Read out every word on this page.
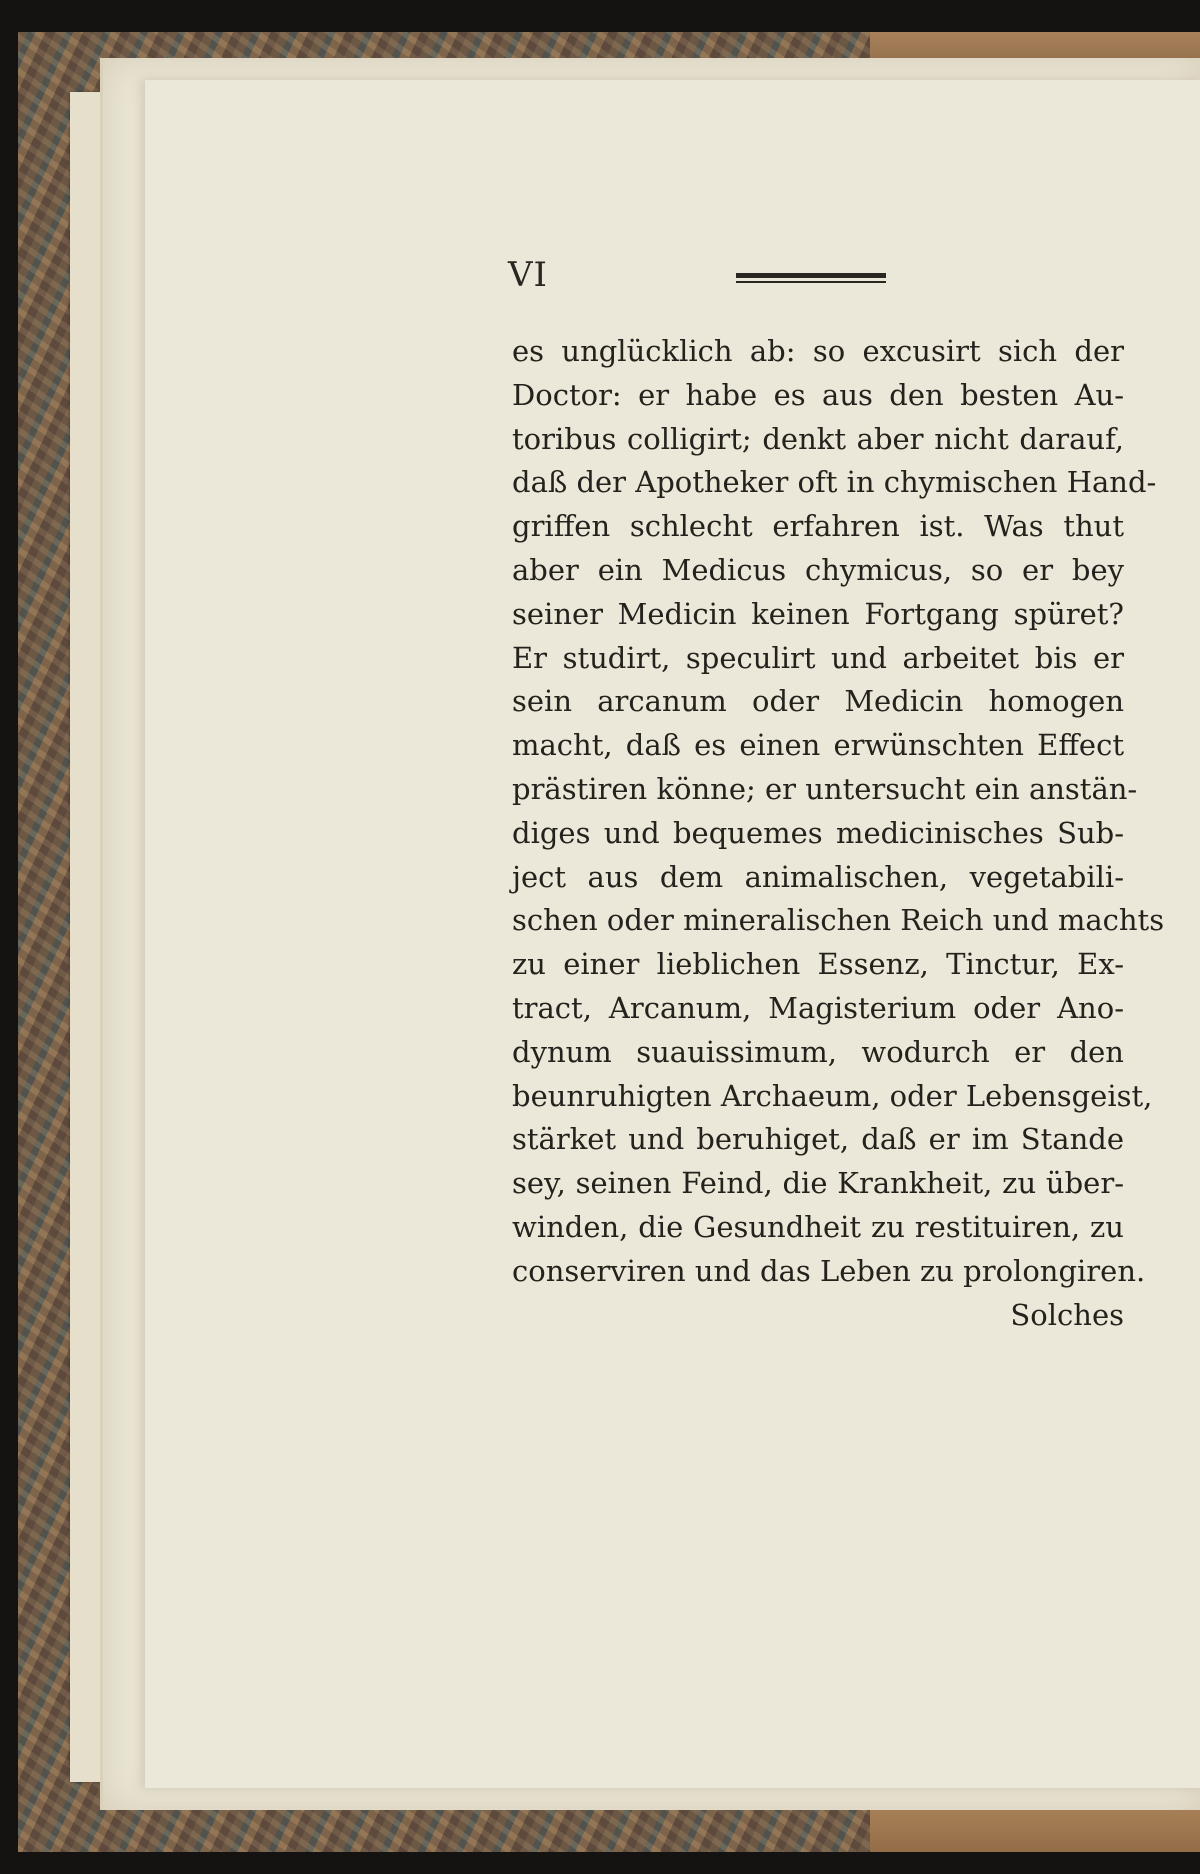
VI
es unglücklich ab: so excusirt sich der
Doctor: er habe es aus den besten Au-
toribus colligirt; denkt aber nicht darauf,
daß der Apotheker oft in chymischen Hand-
griffen schlecht erfahren ist. Was thut
aber ein Medicus chymicus, so er bey
seiner Medicin keinen Fortgang spüret?
Er studirt, speculirt und arbeitet bis er
sein arcanum oder Medicin homogen
macht, daß es einen erwünschten Effect
prästiren könne; er untersucht ein anstän-
diges und bequemes medicinisches Sub-
ject aus dem animalischen, vegetabili-
schen oder mineralischen Reich und machts
zu einer lieblichen Essenz, Tinctur, Ex-
tract, Arcanum, Magisterium oder Ano-
dynum suauissimum, wodurch er den
beunruhigten Archaeum, oder Lebensgeist,
stärket und beruhiget, daß er im Stande
sey, seinen Feind, die Krankheit, zu über-
winden, die Gesundheit zu restituiren, zu
conserviren und das Leben zu prolongiren.
Solches
